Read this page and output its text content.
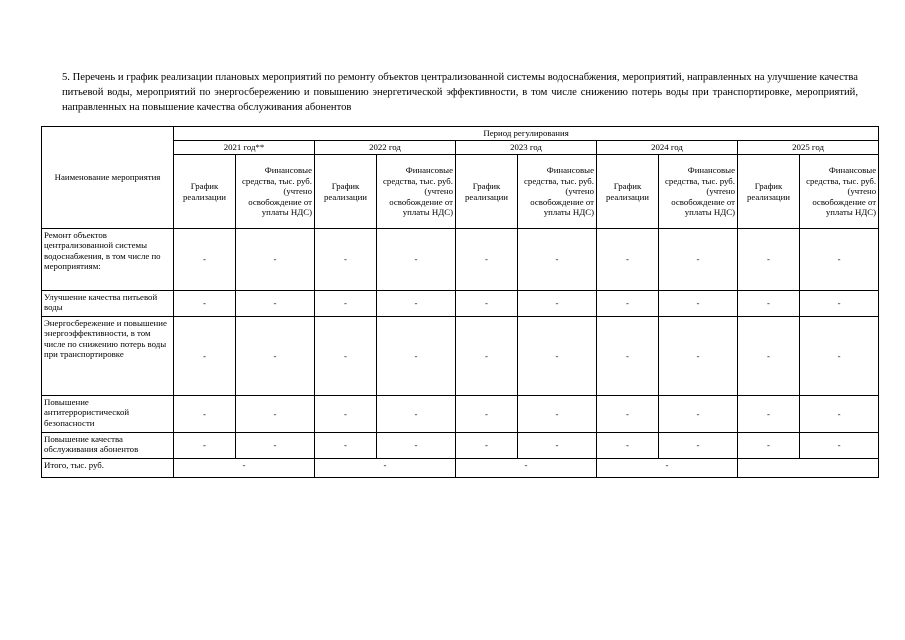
5. Перечень и график реализации плановых мероприятий по ремонту объектов централизованной системы водоснабжения, мероприятий, направленных на улучшение качества питьевой воды, мероприятий по энергосбережению и повышению энергетической эффективности, в том числе снижению потерь воды при транспортировке, мероприятий, направленных на повышение качества обслуживания абонентов
Наименование мероприятия	Период регулирования									
	2021 год**		2022 год		2023 год		2024 год		2025 год	
	График реализации	Финансовые средства, тыс. руб. (учтено освобождение от уплаты НДС)	График реализации	Финансовые средства, тыс. руб. (учтено освобождение от уплаты НДС)	График реализации	Финансовые средства, тыс. руб. (учтено освобождение от уплаты НДС)	График реализации	Финансовые средства, тыс. руб. (учтено освобождение от уплаты НДС)	График реализации	Финансовые средства, тыс. руб. (учтено освобождение от уплаты НДС)
Ремонт объектов централизованной системы водоснабжения, в том числе по мероприятиям:	-	-	-	-	-	-	-	-	-	-
Улучшение качества питьевой воды	-	-	-	-	-	-	-	-	-	-
Энергосбережение и повышение энергоэффективности, в том числе по снижению потерь воды при транспортировке	-	-	-	-	-	-	-	-	-	-
Повышение антитеррористической безопасности	-	-	-	-	-	-	-	-	-	-
Повышение качества обслуживания абонентов	-	-	-	-	-	-	-	-	-	-
Итого, тыс. руб.	-		-		-		-			
